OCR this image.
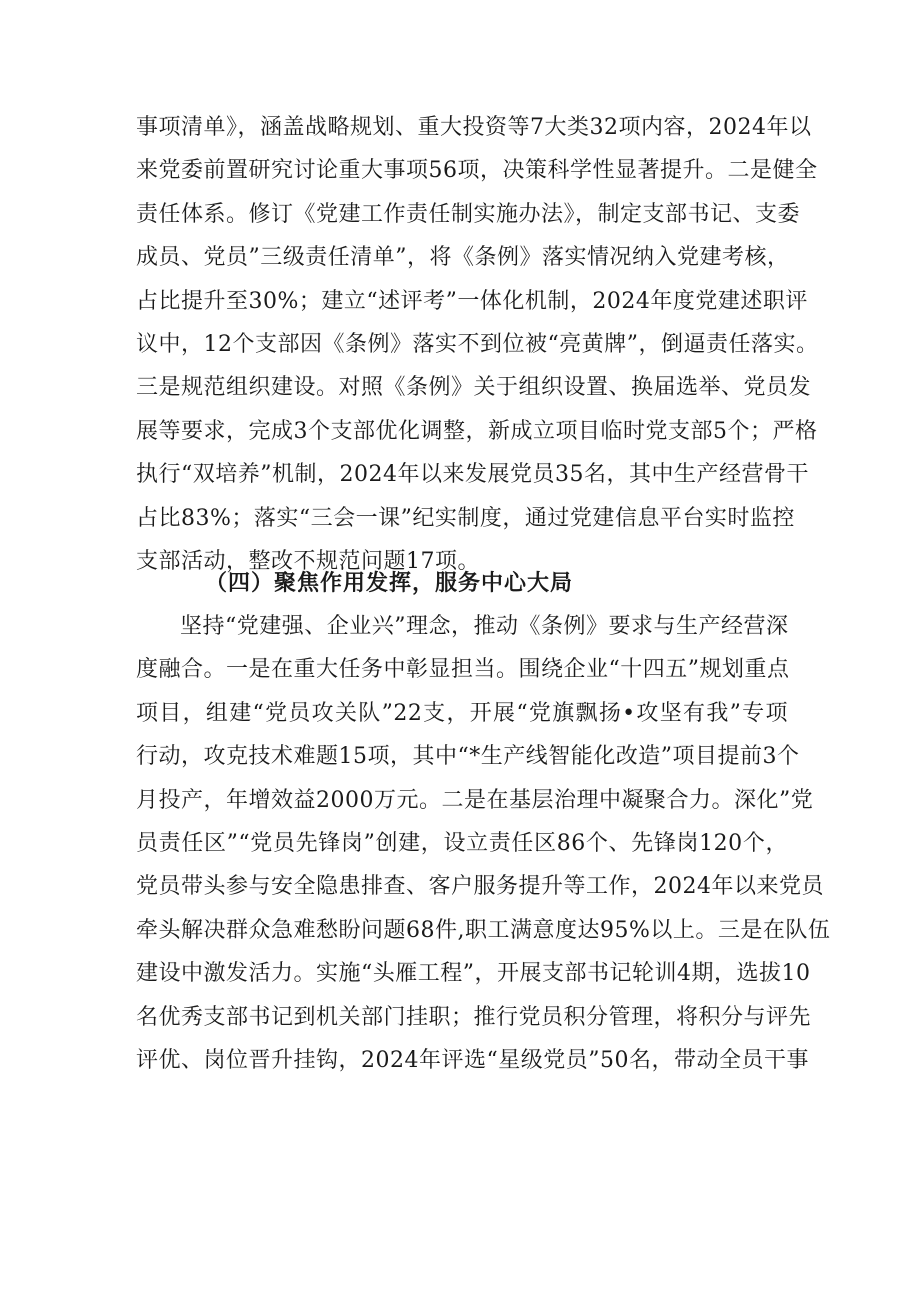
事项清单》，涵盖战略规划、重大投资等7大类32项内容，2024年以
来党委前置研究讨论重大事项56项，决策科学性显著提升。二是健全
责任体系。修订《党建工作责任制实施办法》，制定支部书记、支委
成员、党员”三级责任清单”，将《条例》落实情况纳入党建考核，
占比提升至30%；建立“述评考”一体化机制，2024年度党建述职评
议中，12个支部因《条例》落实不到位被“亮黄牌”，倒逼责任落实。
三是规范组织建设。对照《条例》关于组织设置、换届选举、党员发
展等要求，完成3个支部优化调整，新成立项目临时党支部5个；严格
执行“双培养”机制，2024年以来发展党员35名，其中生产经营骨干
占比83%；落实“三会一课”纪实制度，通过党建信息平台实时监控
支部活动，整改不规范问题17项。
（四）聚焦作用发挥，服务中心大局
坚持“党建强、企业兴”理念，推动《条例》要求与生产经营深
度融合。一是在重大任务中彰显担当。围绕企业“十四五”规划重点
项目，组建“党员攻关队”22支，开展“党旗飘扬•攻坚有我”专项
行动，攻克技术难题15项，其中“*生产线智能化改造”项目提前3个
月投产，年增效益2000万元。二是在基层治理中凝聚合力。深化”党
员责任区”“党员先锋岗”创建，设立责任区86个、先锋岗120个，
党员带头参与安全隐患排查、客户服务提升等工作，2024年以来党员
牵头解决群众急难愁盼问题68件,职工满意度达95%以上。三是在队伍
建设中激发活力。实施“头雁工程”，开展支部书记轮训4期，选拔10
名优秀支部书记到机关部门挂职；推行党员积分管理，将积分与评先
评优、岗位晋升挂钩，2024年评选“星级党员”50名，带动全员干事
